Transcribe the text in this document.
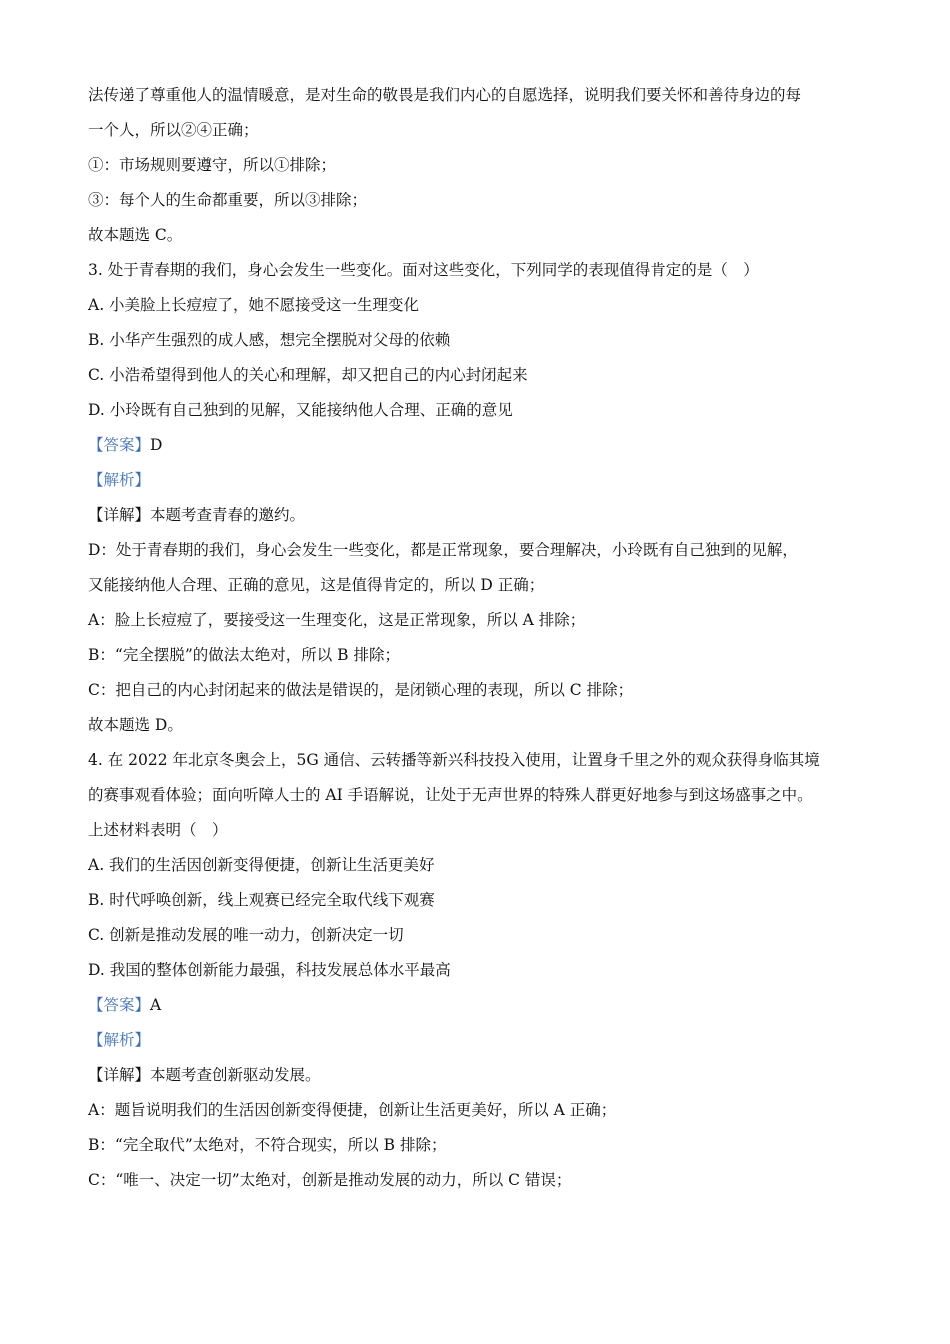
法传递了尊重他人的温情暖意，是对生命的敬畏是我们内心的自愿选择，说明我们要关怀和善待身边的每
一个人，所以②④正确；
①：市场规则要遵守，所以①排除；
③：每个人的生命都重要，所以③排除；
故本题选 C。
3. 处于青春期的我们，身心会发生一些变化。面对这些变化，下列同学的表现值得肯定的是（　）
A. 小美脸上长痘痘了，她不愿接受这一生理变化
B. 小华产生强烈的成人感，想完全摆脱对父母的依赖
C. 小浩希望得到他人的关心和理解，却又把自己的内心封闭起来
D. 小玲既有自己独到的见解，又能接纳他人合理、正确的意见
【答案】D
【解析】
【详解】本题考查青春的邀约。
D：处于青春期的我们，身心会发生一些变化，都是正常现象，要合理解决，小玲既有自己独到的见解，
又能接纳他人合理、正确的意见，这是值得肯定的，所以 D 正确；
A：脸上长痘痘了，要接受这一生理变化，这是正常现象，所以 A 排除；
B：“完全摆脱”的做法太绝对，所以 B 排除；
C：把自己的内心封闭起来的做法是错误的，是闭锁心理的表现，所以 C 排除；
故本题选 D。
4. 在 2022 年北京冬奥会上，5G 通信、云转播等新兴科技投入使用，让置身千里之外的观众获得身临其境
的赛事观看体验；面向听障人士的 AI 手语解说，让处于无声世界的特殊人群更好地参与到这场盛事之中。
上述材料表明（　）
A. 我们的生活因创新变得便捷，创新让生活更美好
B. 时代呼唤创新，线上观赛已经完全取代线下观赛
C. 创新是推动发展的唯一动力，创新决定一切
D. 我国的整体创新能力最强，科技发展总体水平最高
【答案】A
【解析】
【详解】本题考查创新驱动发展。
A：题旨说明我们的生活因创新变得便捷，创新让生活更美好，所以 A 正确；
B：“完全取代”太绝对，不符合现实，所以 B 排除；
C：“唯一、决定一切”太绝对，创新是推动发展的动力，所以 C 错误；
